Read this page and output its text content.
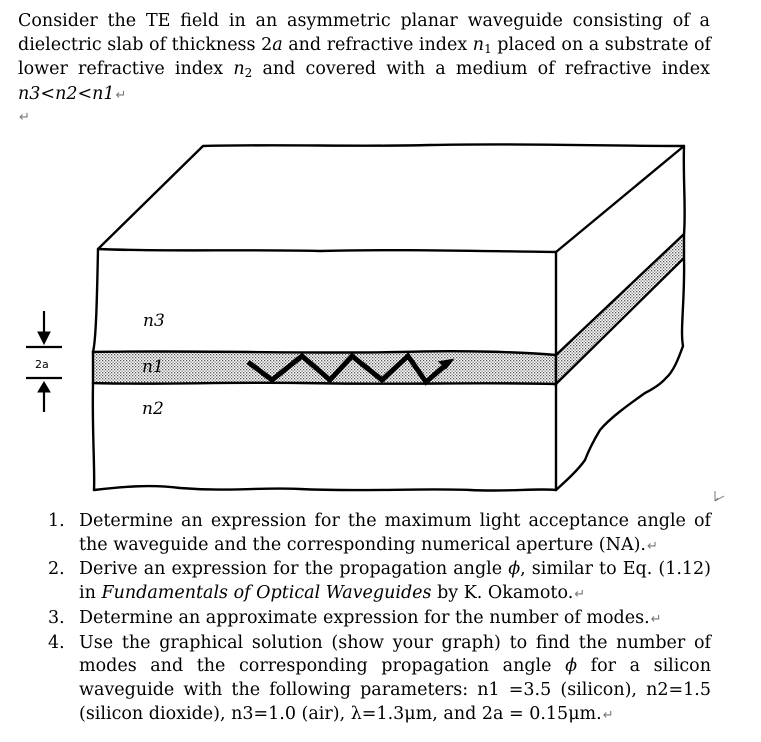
Consider the TE field in an asymmetric planar waveguide consisting of a
dielectric slab of thickness 2a and refractive index n1 placed on a substrate of
lower refractive index n2 and covered with a medium of refractive index
n3<n2<n1↵
↵
n3
n1
n2
2a
1. Determine an expression for the maximum light acceptance angle of the waveguide and the corresponding numerical aperture (NA).↵
2. Derive an expression for the propagation angle ϕ, similar to Eq. (1.12) in Fundamentals of Optical Waveguides by K. Okamoto.↵
3. Determine an approximate expression for the number of modes.↵
4. Use the graphical solution (show your graph) to find the number of modes and the corresponding propagation angle ϕ for a silicon waveguide with the following parameters: n1 =3.5 (silicon), n2=1.5 (silicon dioxide), n3=1.0 (air), λ=1.3μm, and 2a = 0.15μm.↵
